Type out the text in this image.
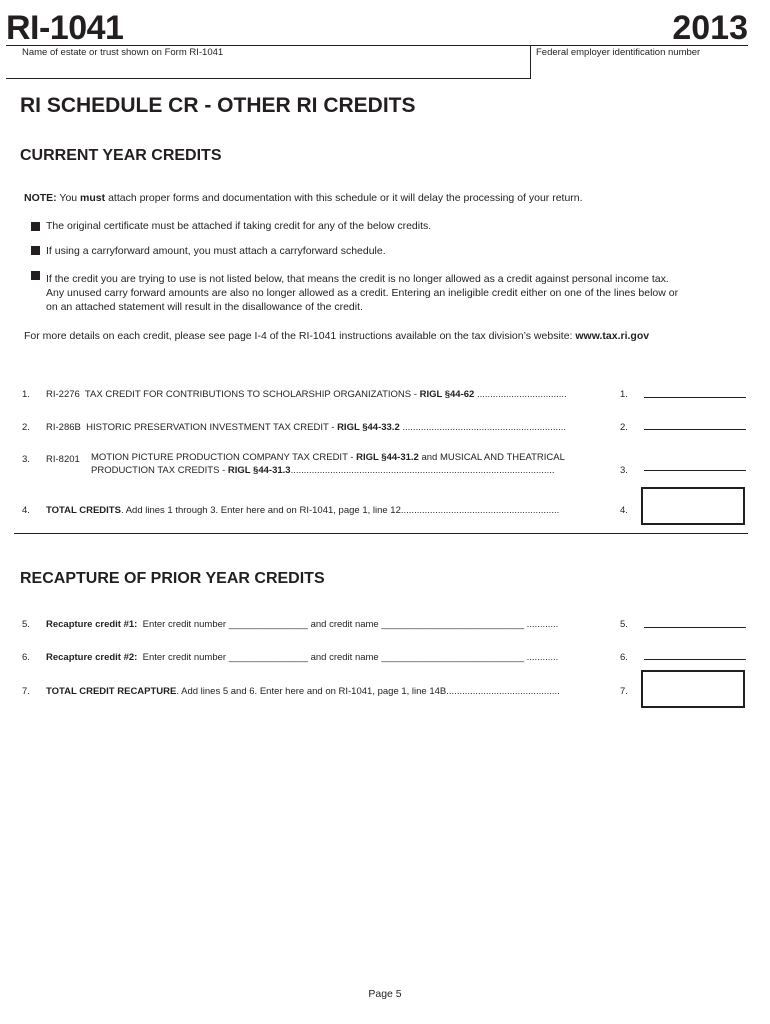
RI-1041	2013
Name of estate or trust shown on Form RI-1041	Federal employer identification number
RI SCHEDULE CR - OTHER RI CREDITS
CURRENT YEAR CREDITS
NOTE: You must attach proper forms and documentation with this schedule or it will delay the processing of your return.
The original certificate must be attached if taking credit for any of the below credits.
If using a carryforward amount, you must attach a carryforward schedule.
If the credit you are trying to use is not listed below, that means the credit is no longer allowed as a credit against personal income tax.
Any unused carry forward amounts are also no longer allowed as a credit. Entering an ineligible credit either on one of the lines below or
on an attached statement will result in the disallowance of the credit.
For more details on each credit, please see page I-4 of the RI-1041 instructions available on the tax division’s website: www.tax.ri.gov
1. RI-2276 TAX CREDIT FOR CONTRIBUTIONS TO SCHOLARSHIP ORGANIZATIONS - RIGL §44-62 ..................................	1.
2. RI-286B HISTORIC PRESERVATION INVESTMENT TAX CREDIT - RIGL §44-33.2 ..............................................................	2.
3. RI-8201 MOTION PICTURE PRODUCTION COMPANY TAX CREDIT - RIGL §44-31.2 and MUSICAL AND THEATRICAL
PRODUCTION TAX CREDITS - RIGL §44-31.3....................................................................................................	3.
4. TOTAL CREDITS. Add lines 1 through 3. Enter here and on RI-1041, page 1, line 12............................................................	4.
RECAPTURE OF PRIOR YEAR CREDITS
5. Recapture credit #1: Enter credit number _______________ and credit name ___________________________ ............	5.
6. Recapture credit #2: Enter credit number _______________ and credit name ___________________________ ............	6.
7. TOTAL CREDIT RECAPTURE. Add lines 5 and 6. Enter here and on RI-1041, page 1, line 14B...........................................	7.
Page 5
